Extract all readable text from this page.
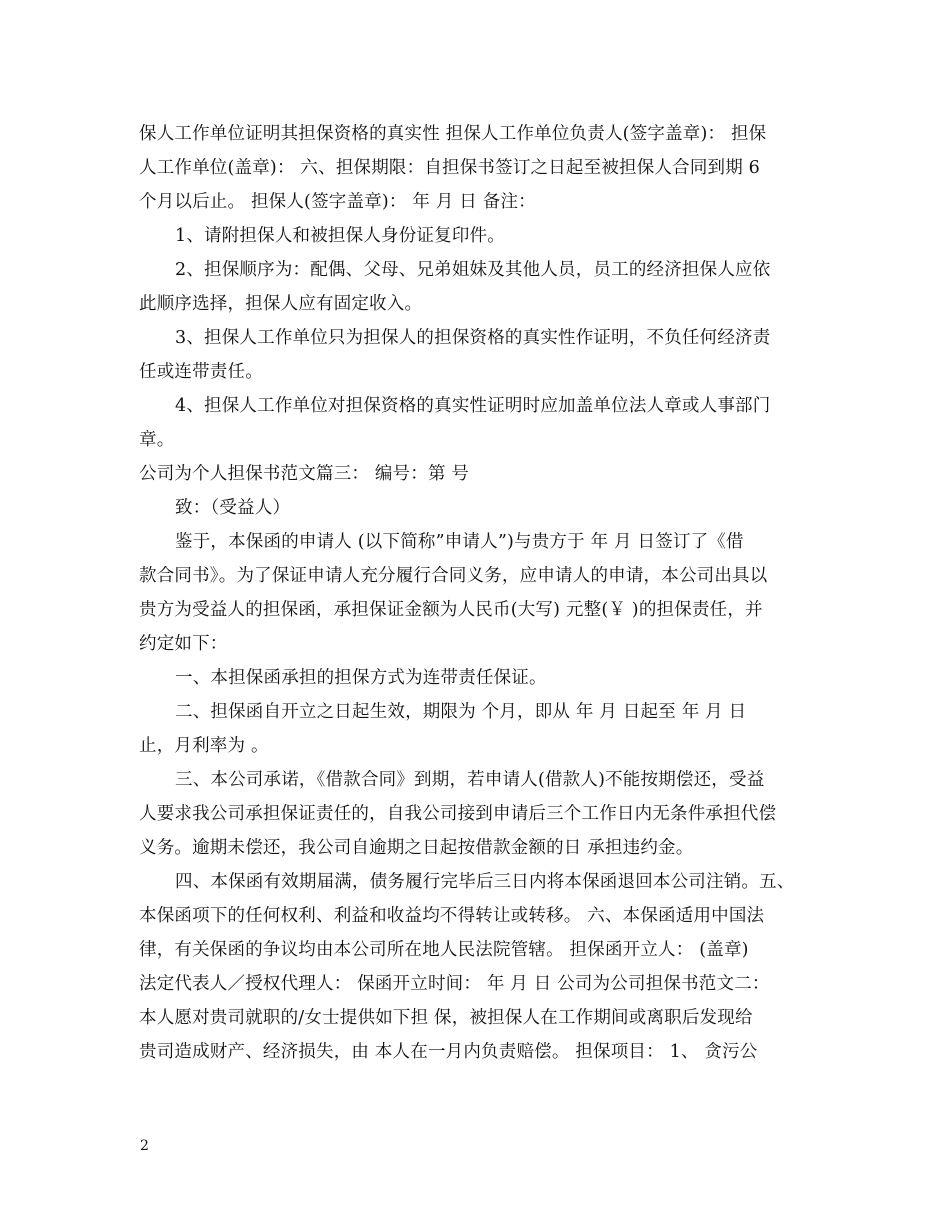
保人工作单位证明其担保资格的真实性 担保人工作单位负责人(签字盖章)： 担保
人工作单位(盖章)： 六、担保期限：自担保书签订之日起至被担保人合同到期 6
个月以后止。 担保人(签字盖章)： 年 月 日 备注：
1、请附担保人和被担保人身份证复印件。
2、担保顺序为：配偶、父母、兄弟姐妹及其他人员，员工的经济担保人应依
此顺序选择，担保人应有固定收入。
3、担保人工作单位只为担保人的担保资格的真实性作证明，不负任何经济责
任或连带责任。
4、担保人工作单位对担保资格的真实性证明时应加盖单位法人章或人事部门
章。
公司为个人担保书范文篇三： 编号：第 号
致：（受益人）
鉴于，本保函的申请人 (以下简称”申请人”)与贵方于 年 月 日签订了《借
款合同书》。为了保证申请人充分履行合同义务，应申请人的申请，本公司出具以
贵方为受益人的担保函，承担保证金额为人民币(大写) 元整(￥ )的担保责任，并
约定如下：
一、本担保函承担的担保方式为连带责任保证。
二、担保函自开立之日起生效，期限为 个月，即从 年 月 日起至 年 月 日
止，月利率为 。
三、本公司承诺，《借款合同》到期，若申请人(借款人)不能按期偿还，受益
人要求我公司承担保证责任的，自我公司接到申请后三个工作日内无条件承担代偿
义务。逾期未偿还，我公司自逾期之日起按借款金额的日 承担违约金。
四、本保函有效期届满，债务履行完毕后三日内将本保函退回本公司注销。五、
本保函项下的任何权利、利益和收益均不得转让或转移。 六、本保函适用中国法
律，有关保函的争议均由本公司所在地人民法院管辖。 担保函开立人： (盖章)
法定代表人／授权代理人： 保函开立时间： 年 月 日 公司为公司担保书范文二：
本人愿对贵司就职的/女士提供如下担 保，被担保人在工作期间或离职后发现给
贵司造成财产、经济损失，由 本人在一月内负责赔偿。 担保项目： 1、 贪污公
2
